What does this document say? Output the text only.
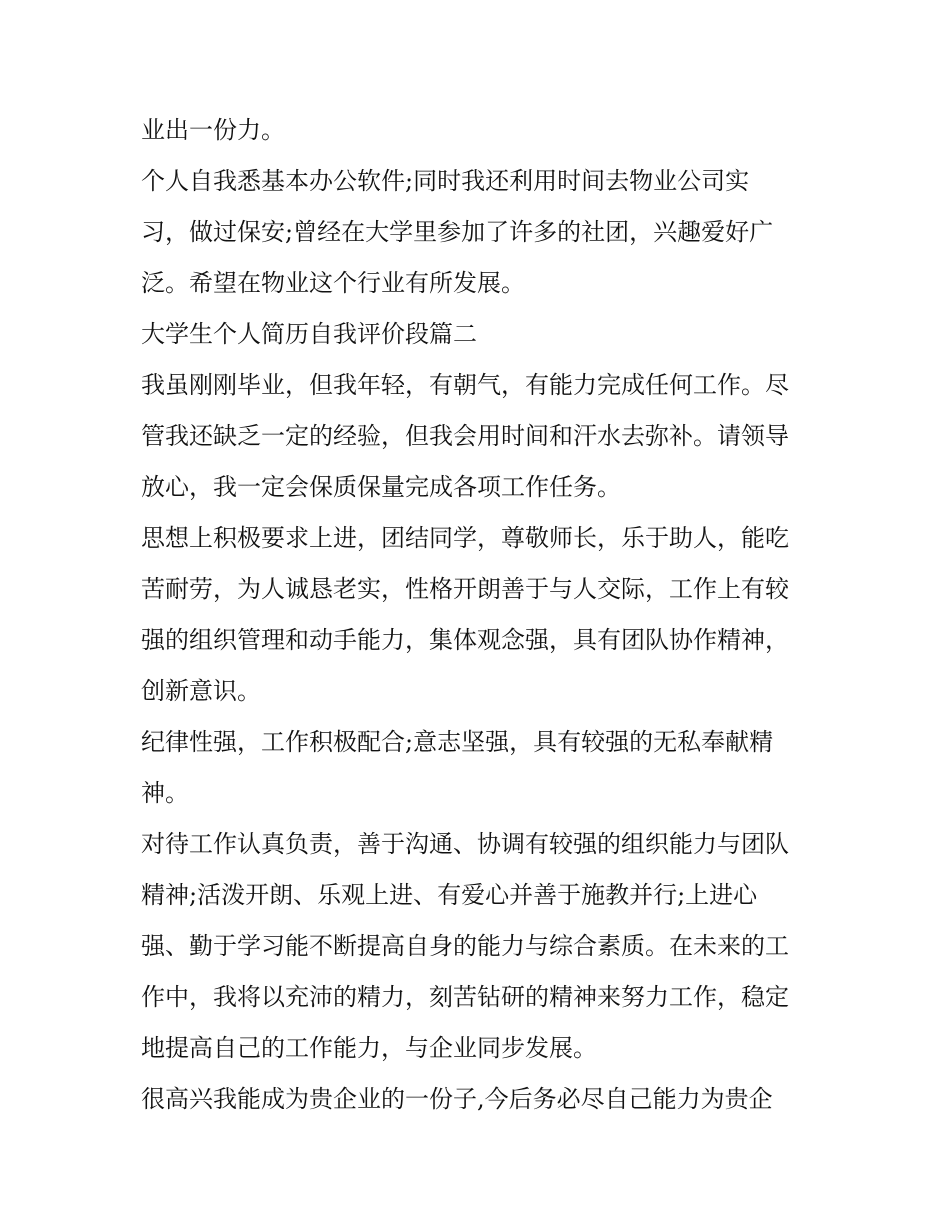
业出一份力。

个人自我悉基本办公软件;同时我还利用时间去物业公司实

习，做过保安;曾经在大学里参加了许多的社团，兴趣爱好广

泛。希望在物业这个行业有所发展。

大学生个人简历自我评价段篇二

我虽刚刚毕业，但我年轻，有朝气，有能力完成任何工作。尽

管我还缺乏一定的经验，但我会用时间和汗水去弥补。请领导

放心，我一定会保质保量完成各项工作任务。

思想上积极要求上进，团结同学，尊敬师长，乐于助人，能吃

苦耐劳，为人诚恳老实，性格开朗善于与人交际，工作上有较

强的组织管理和动手能力，集体观念强，具有团队协作精神，

创新意识。

纪律性强，工作积极配合;意志坚强，具有较强的无私奉献精

神。

对待工作认真负责，善于沟通、协调有较强的组织能力与团队

精神;活泼开朗、乐观上进、有爱心并善于施教并行;上进心

强、勤于学习能不断提高自身的能力与综合素质。在未来的工

作中，我将以充沛的精力，刻苦钻研的精神来努力工作，稳定

地提高自己的工作能力，与企业同步发展。

很高兴我能成为贵企业的一份子,今后务必尽自己能力为贵企
